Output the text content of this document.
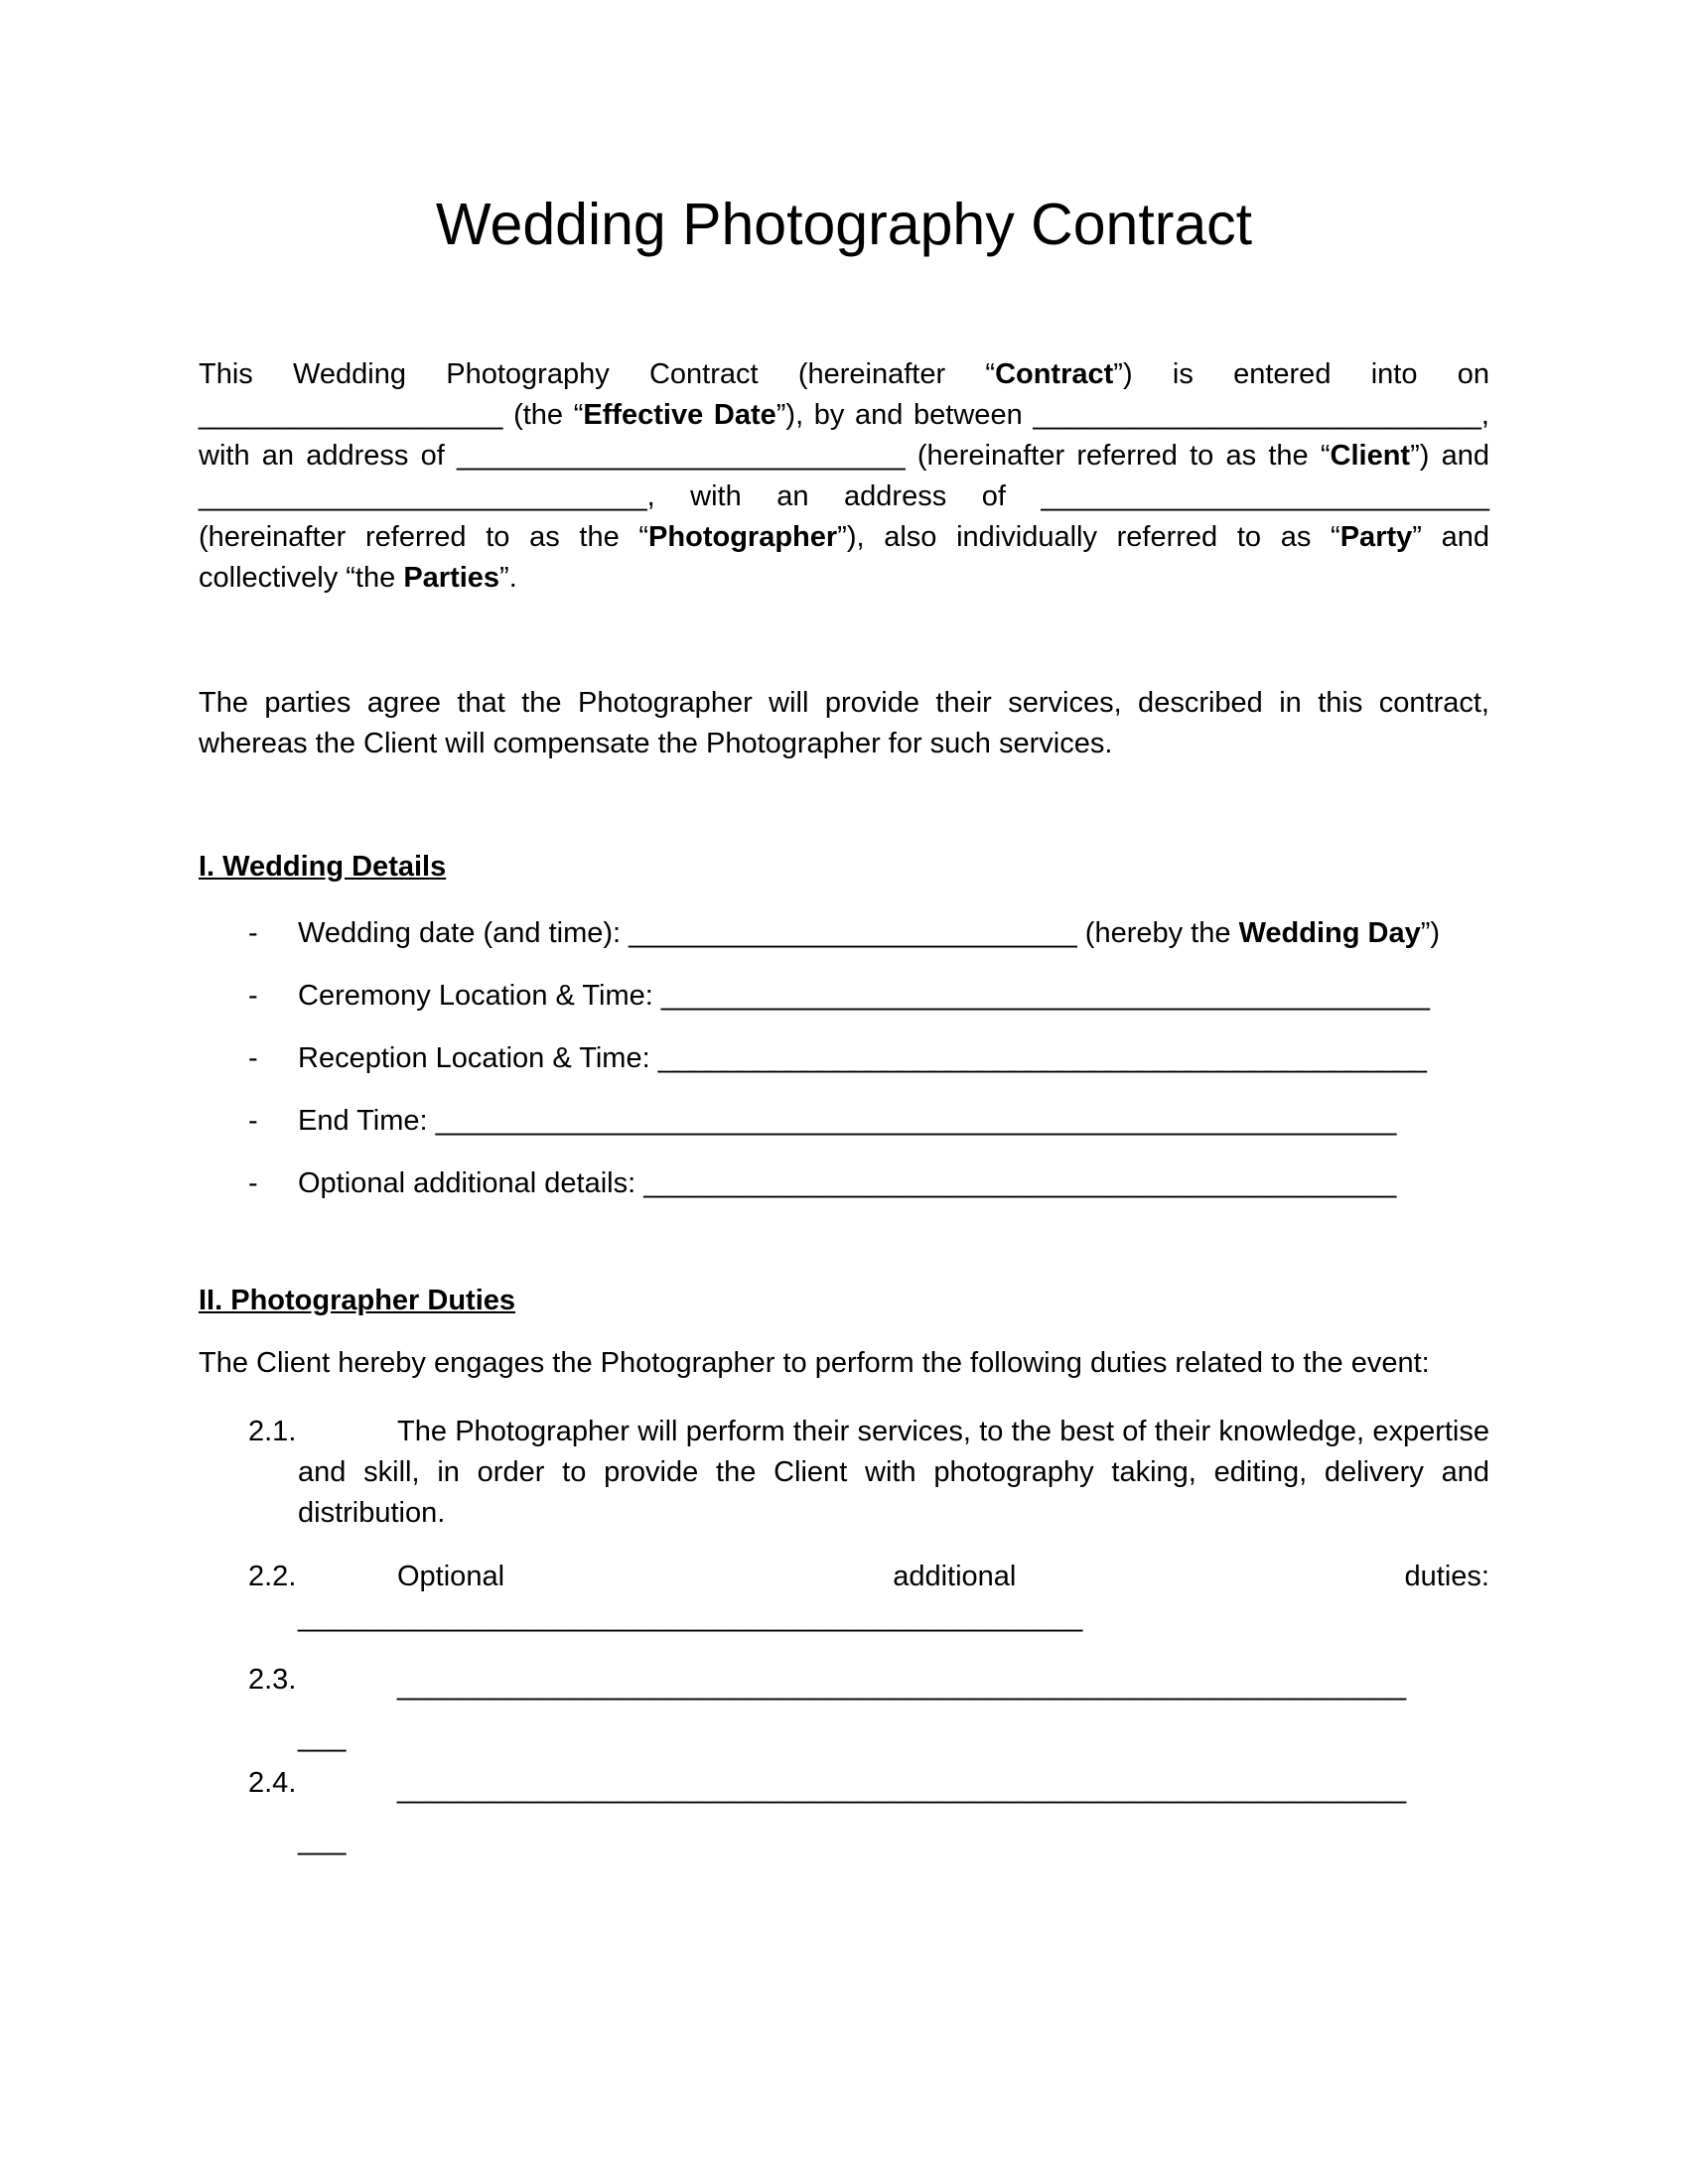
Wedding Photography Contract

This Wedding Photography Contract (hereinafter “Contract”) is entered into on ___________________ (the “Effective Date”), by and between ____________________________, with an address of ____________________________ (hereinafter referred to as the “Client”) and ____________________________, with an address of ____________________________ (hereinafter referred to as the “Photographer”), also individually referred to as “Party” and collectively “the Parties”.

The parties agree that the Photographer will provide their services, described in this contract, whereas the Client will compensate the Photographer for such services.

I. Wedding Details
- Wedding date (and time): ____________________________ (hereby the Wedding Day”)
- Ceremony Location & Time: ________________________________________________
- Reception Location & Time: ________________________________________________
- End Time: ____________________________________________________________
- Optional additional details: _______________________________________________
II. Photographer Duties

The Client hereby engages the Photographer to perform the following duties related to the event:

2.1.	The Photographer will perform their services, to the best of their knowledge, expertise and skill, in order to provide the Client with photography taking, editing, delivery and distribution.
2.2.	Optional additional duties:
_________________________________________________
2.3.	_______________________________________________________________
___
2.4.	_______________________________________________________________
___
